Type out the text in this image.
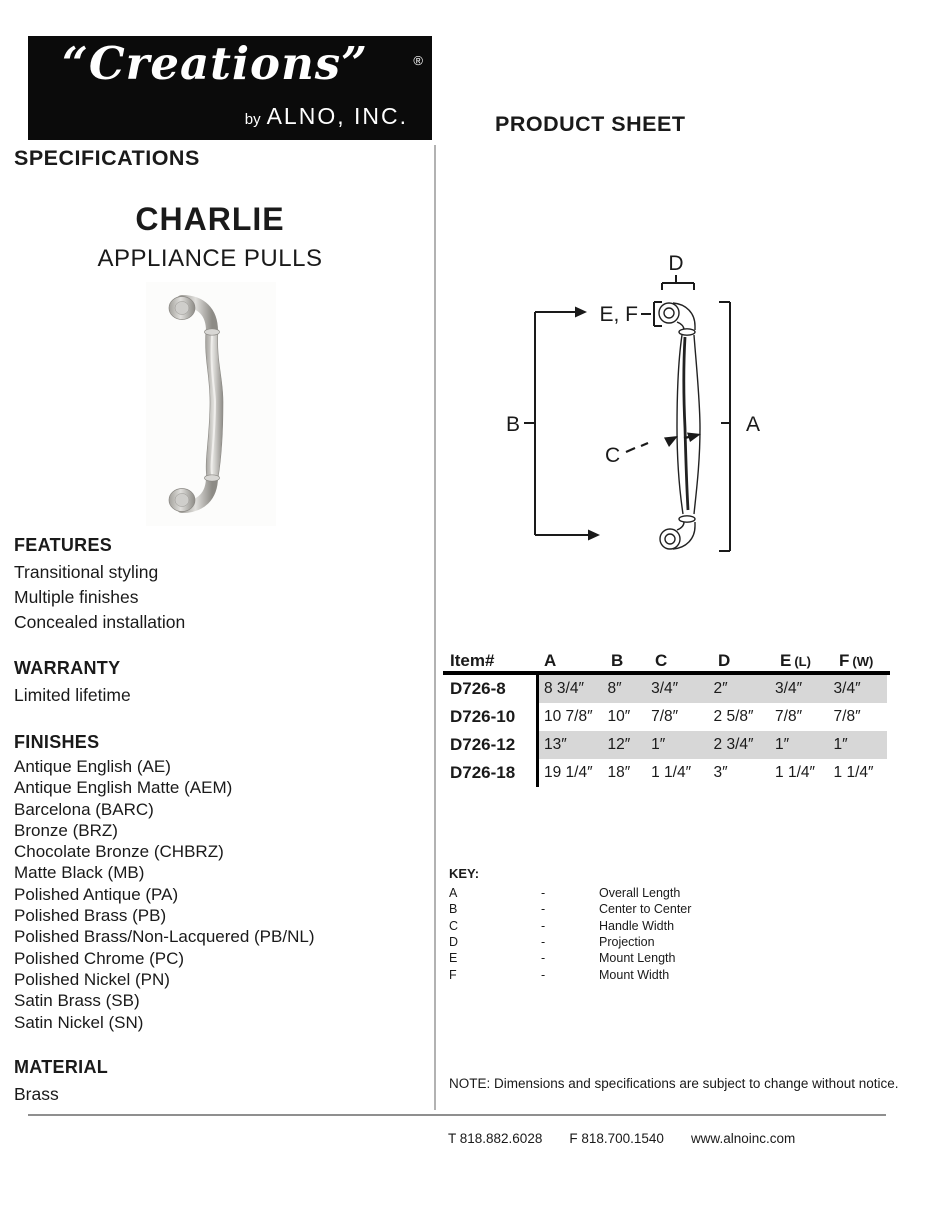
“Creations”	®
by ALNO, INC.
SPECIFICATIONS
PRODUCT SHEET
CHARLIE
APPLIANCE PULLS
FEATURES
Transitional styling
Multiple finishes
Concealed installation
WARRANTY
Limited lifetime
FINISHES
Antique English (AE)
Antique English Matte (AEM)
Barcelona (BARC)
Bronze (BRZ)
Chocolate Bronze (CHBRZ)
Matte Black (MB)
Polished Antique (PA)
Polished Brass (PB)
Polished Brass/Non-Lacquered (PB/NL)
Polished Chrome (PC)
Polished Nickel (PN)
Satin Brass (SB)
Satin Nickel (SN)
MATERIAL
Brass
D
E, F
B
C
A
Item#	A	B	C	D	E (L)	F (W)
D726-8	8 3/4″	8″	3/4″	2″	3/4″	3/4″
D726-10	10 7/8″ 10″	7/8″	2 5/8″	7/8″	7/8″
D726-12	13″	12″	1″	2 3/4″	1″	1″
D726-18	19 1/4″ 18″	1 1/4″	3″	1 1/4″	1 1/4″
KEY:
A	-	Overall Length
B	-	Center to Center
C	-	Handle Width
D	-	Projection
E	-	Mount Length
F	-	Mount Width
NOTE: Dimensions and specifications are subject to change without notice.
T 818.882.6028 F 818.700.1540 www.alnoinc.com
